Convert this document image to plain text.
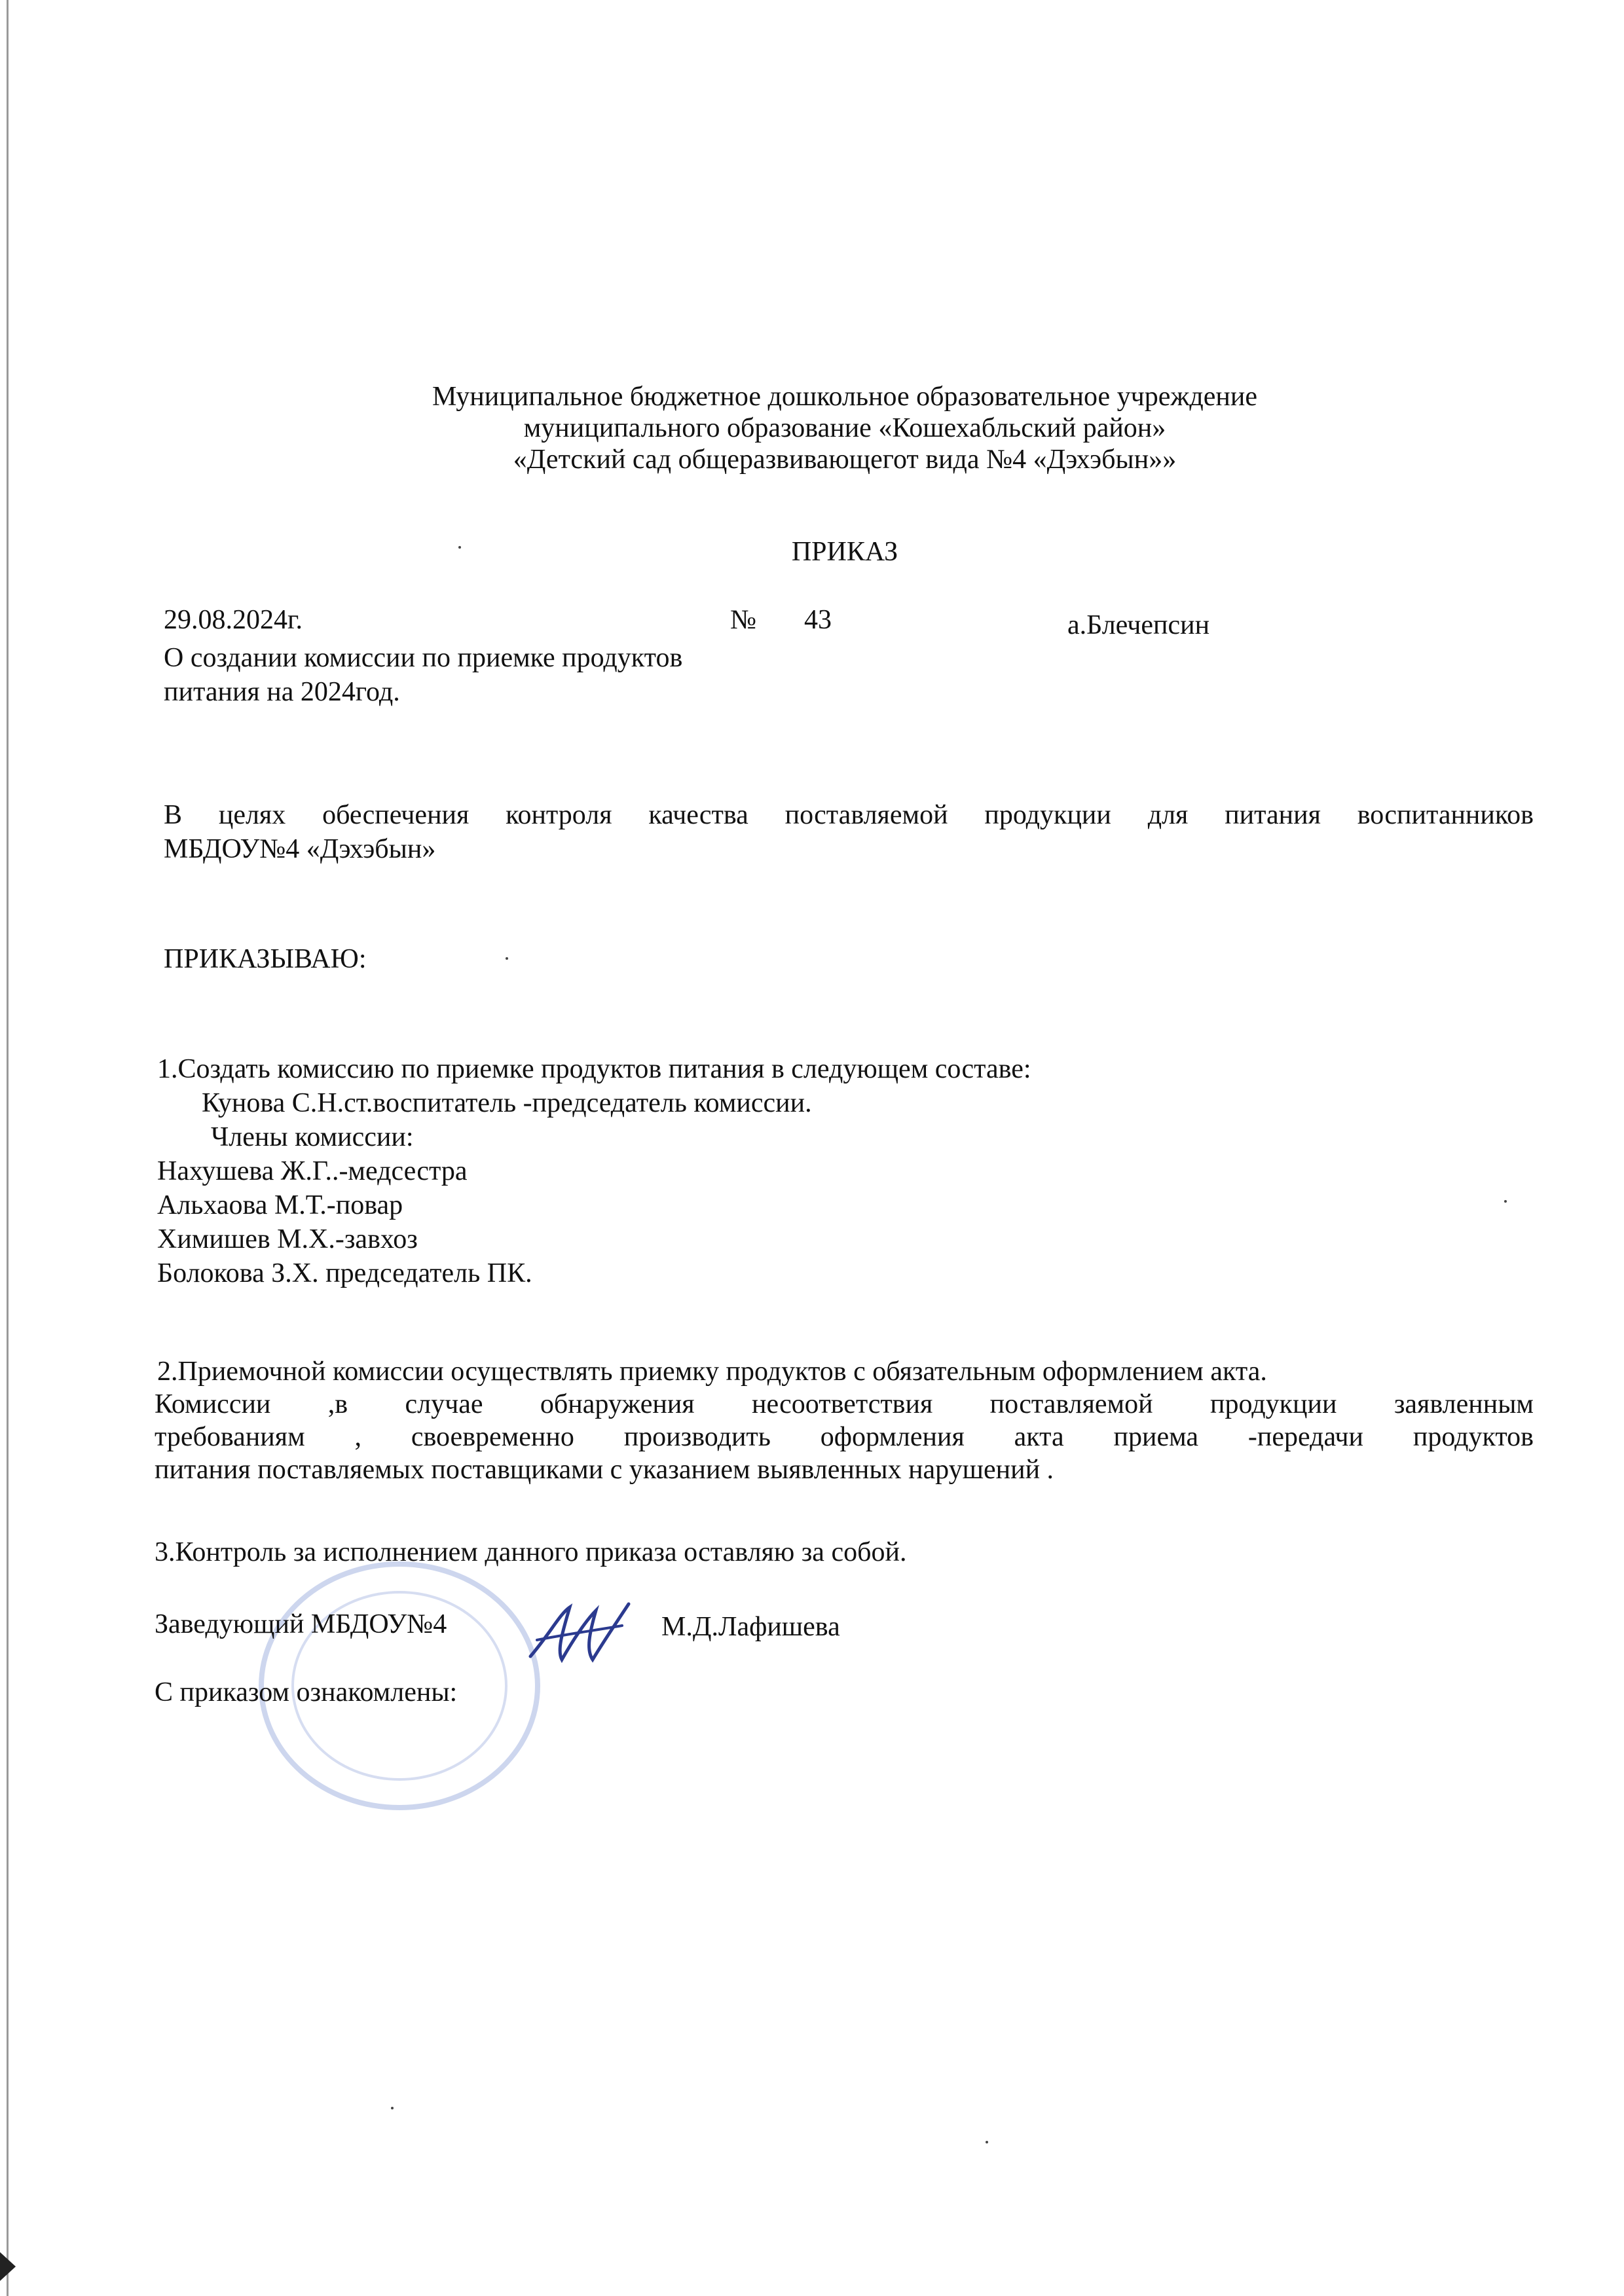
Муниципальное бюджетное дошкольное образовательное учреждение
муниципального образование «Кошехабльский район»
«Детский сад общеразвивающегот вида №4 «Дэхэбын»»
ПРИКАЗ
29.08.2024г.	№ 43	а.Блечепсин
О создании комиссии по приемке продуктов
питания на 2024год.
В целях обеспечения контроля качества поставляемой продукции для питания воспитанников
МБДОУ№4 «Дэхэбын»
ПРИКАЗЫВАЮ:
1.Создать комиссию по приемке продуктов питания в следующем составе:
Кунова С.Н.ст.воспитатель -председатель комиссии.
Члены комиссии:
Нахушева Ж.Г..-медсестра
Альхаова М.Т.-повар
Химишев М.Х.-завхоз
Болокова З.Х. председатель ПК.
2.Приемочной комиссии осуществлять приемку продуктов с обязательным оформлением акта.
Комиссии ,в случае обнаружения несоответствия поставляемой продукции заявленным
требованиям , своевременно производить оформления акта приема -передачи продуктов
питания поставляемых поставщиками с указанием выявленных нарушений .
3.Контроль за исполнением данного приказа оставляю за собой.
Заведующий МБДОУ№4	М.Д.Лафишева
С приказом ознакомлены:
